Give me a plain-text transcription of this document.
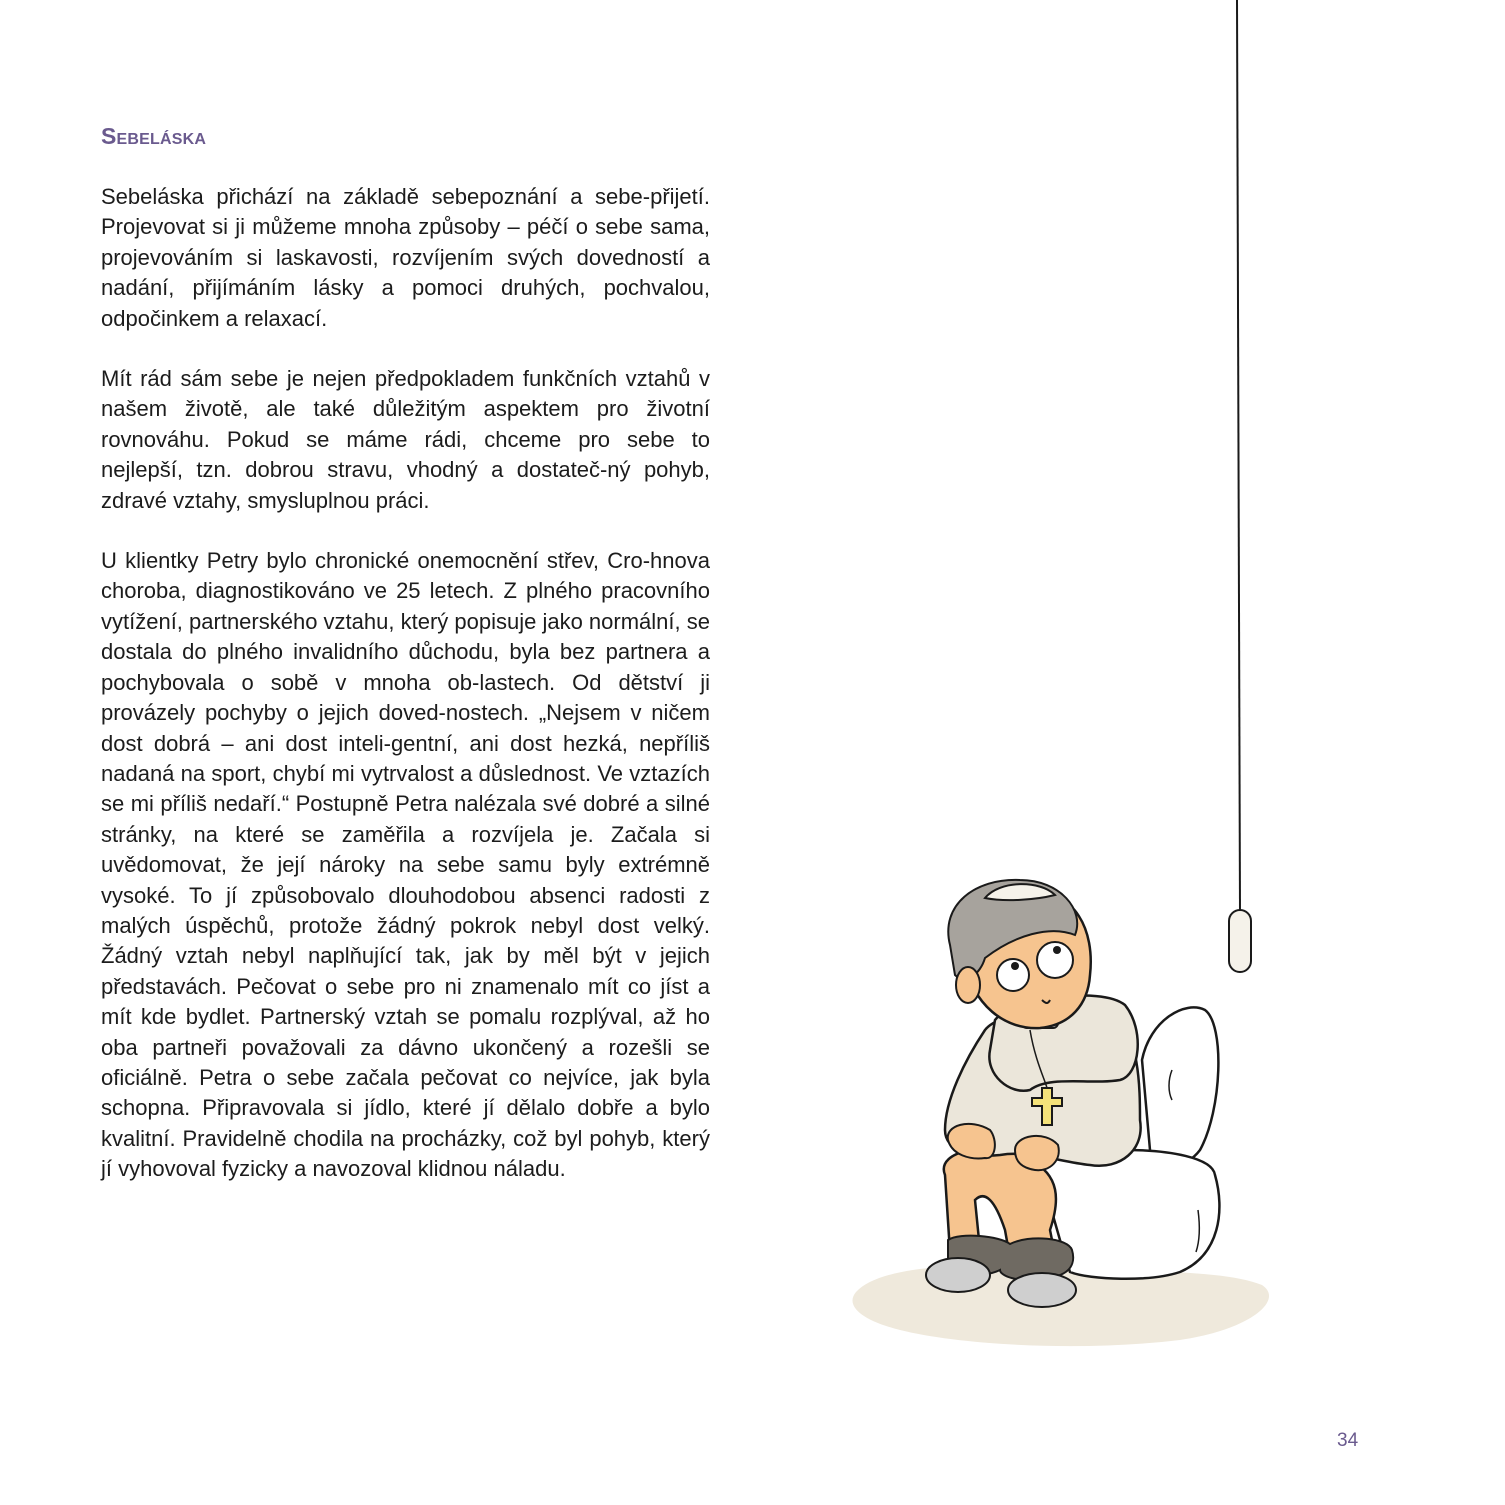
Sebeláska

Sebeláska přichází na základě sebepoznání a sebe-přijetí. Projevovat si ji můžeme mnoha způsoby – péčí o sebe sama, projevováním si laskavosti, rozvíjením svých dovedností a nadání, přijímáním lásky a pomoci druhých, pochvalou, odpočinkem a relaxací.

Mít rád sám sebe je nejen předpokladem funkčních vztahů v našem životě, ale také důležitým aspektem pro životní rovnováhu. Pokud se máme rádi, chceme pro sebe to nejlepší, tzn. dobrou stravu, vhodný a dostateč-ný pohyb, zdravé vztahy, smysluplnou práci.

U klientky Petry bylo chronické onemocnění střev, Cro-hnova choroba, diagnostikováno ve 25 letech. Z plného pracovního vytížení, partnerského vztahu, který popisuje jako normální, se dostala do plného invalidního důchodu, byla bez partnera a pochybovala o sobě v mnoha ob-lastech. Od dětství ji provázely pochyby o jejich doved-nostech. „Nejsem v ničem dost dobrá – ani dost inteli-gentní, ani dost hezká, nepříliš nadaná na sport, chybí mi vytrvalost a důslednost. Ve vztazích se mi příliš nedaří.“ Postupně Petra nalézala své dobré a silné stránky, na které se zaměřila a rozvíjela je. Začala si uvědomovat, že její nároky na sebe samu byly extrémně vysoké. To jí způsobovalo dlouhodobou absenci radosti z malých úspěchů, protože žádný pokrok nebyl dost velký. Žádný vztah nebyl naplňující tak, jak by měl být v jejich představách. Pečovat o sebe pro ni znamenalo mít co jíst a mít kde bydlet. Partnerský vztah se pomalu rozplýval, až ho oba partneři považovali za dávno ukončený a rozešli se oficiálně. Petra o sebe začala pečovat co nejvíce, jak byla schopna. Připravovala si jídlo, které jí dělalo dobře a bylo kvalitní. Pravidelně chodila na procházky, což byl pohyb, který jí vyhovoval fyzicky a navozoval klidnou náladu.

34
